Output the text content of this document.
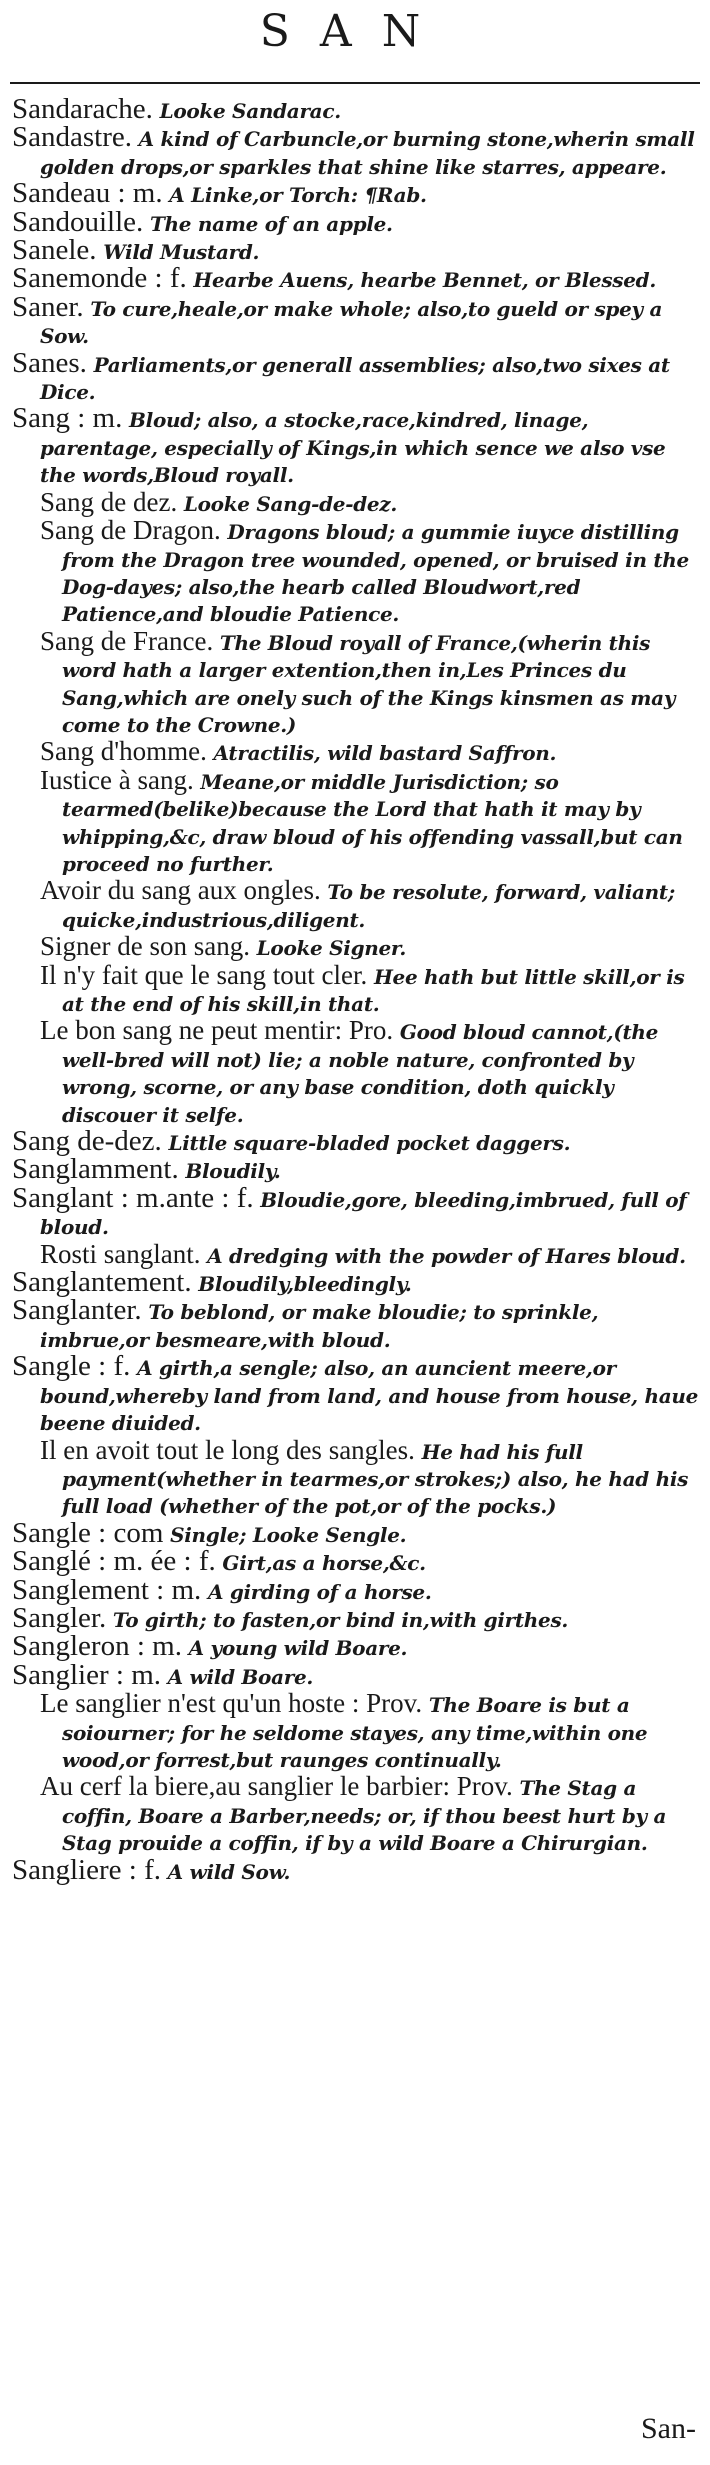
SAN

Sandarache. Looke Sandarac.

Sandastre. A kind of Carbuncle,or burning stone,wherin small golden drops,or sparkles that shine like starres, appeare.

Sandeau : m. A Linke,or Torch: ¶Rab.

Sandouille. The name of an apple.

Sanele. Wild Mustard.

Sanemonde : f. Hearbe Auens, hearbe Bennet, or Blessed.

Saner. To cure,heale,or make whole; also,to gueld or spey a Sow.

Sanes. Parliaments,or generall assemblies; also,two sixes at Dice.

Sang : m. Bloud; also, a stocke,race,kindred, linage, parentage, especially of Kings,in which sence we also vse the words,Bloud royall.

Sang de dez. Looke Sang-de-dez.

Sang de Dragon. Dragons bloud; a gummie iuyce distilling from the Dragon tree wounded, opened, or bruised in the Dog-dayes; also,the hearb called Bloudwort,red Patience,and bloudie Patience.

Sang de France. The Bloud royall of France,(wherin this word hath a larger extention,then in,Les Princes du Sang,which are onely such of the Kings kinsmen as may come to the Crowne.)

Sang d'homme. Atractilis, wild bastard Saffron.

Iustice à sang. Meane,or middle Jurisdiction; so tearmed(belike)because the Lord that hath it may by whipping,&c, draw bloud of his offending vassall,but can proceed no further.

Avoir du sang aux ongles. To be resolute, forward, valiant; quicke,industrious,diligent.

Signer de son sang. Looke Signer.

Il n'y fait que le sang tout cler. Hee hath but little skill,or is at the end of his skill,in that.

Le bon sang ne peut mentir: Pro. Good bloud cannot,(the well-bred will not) lie; a noble nature, confronted by wrong, scorne, or any base condition, doth quickly discouer it selfe.

Sang de-dez. Little square-bladed pocket daggers.

Sanglamment. Bloudily.

Sanglant : m.ante : f. Bloudie,gore, bleeding,imbrued, full of bloud.

Rosti sanglant. A dredging with the powder of Hares bloud.

Sanglantement. Bloudily,bleedingly.

Sanglanter. To beblond, or make bloudie; to sprinkle, imbrue,or besmeare,with bloud.

Sangle : f. A girth,a sengle; also, an auncient meere,or bound,whereby land from land, and house from house, haue beene diuided.

Il en avoit tout le long des sangles. He had his full payment(whether in tearmes,or strokes;) also, he had his full load (whether of the pot,or of the pocks.)

Sangle : com Single; Looke Sengle.

Sanglé : m. ée : f. Girt,as a horse,&c.

Sanglement : m. A girding of a horse.

Sangler. To girth; to fasten,or bind in,with girthes.

Sangleron : m. A young wild Boare.

Sanglier : m. A wild Boare.

Le sanglier n'est qu'un hoste : Prov. The Boare is but a soiourner; for he seldome stayes, any time,within one wood,or forrest,but raunges continually.

Au cerf la biere,au sanglier le barbier: Prov. The Stag a coffin, Boare a Barber,needs; or, if thou beest hurt by a Stag prouide a coffin, if by a wild Boare a Chirurgian.

Sangliere : f. A wild Sow.

San-
